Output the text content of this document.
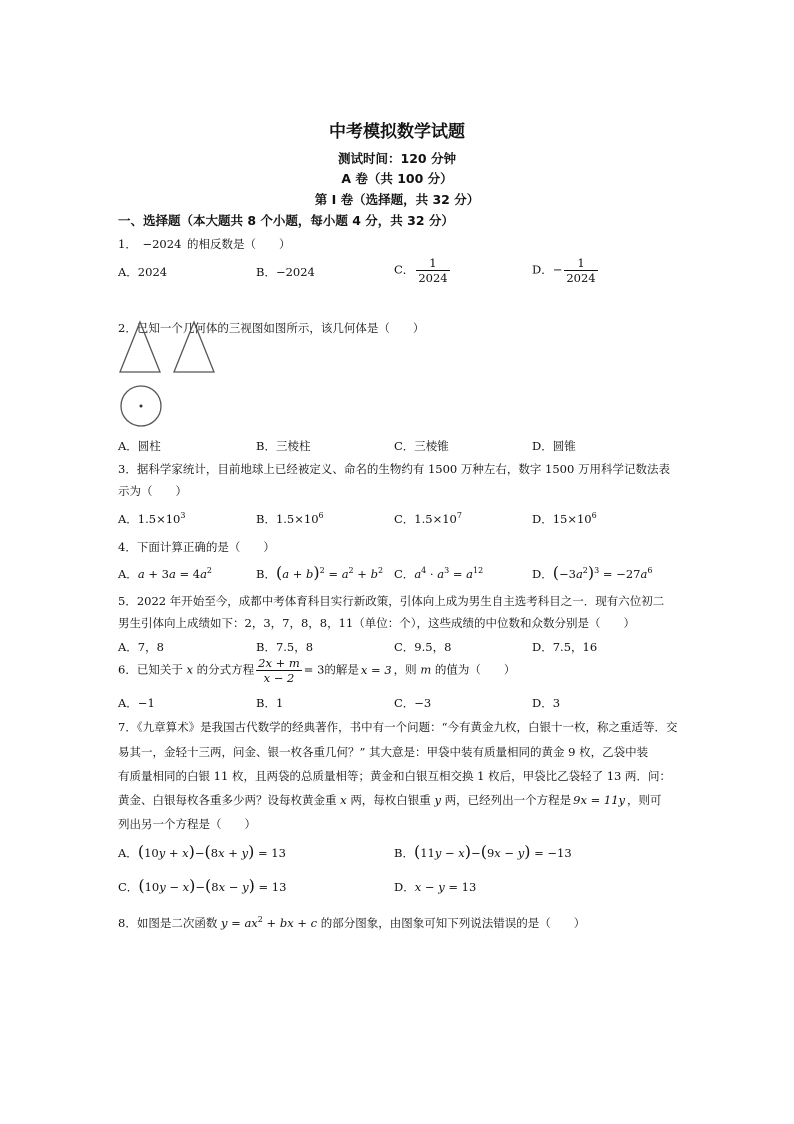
中考模拟数学试题
测试时间：120 分钟
A 卷（共 100 分）
第 I 卷（选择题，共 32 分）
一、选择题（本大题共 8 个小题，每小题 4 分，共 32 分）
1． −2024 的相反数是（　　）
A．2024	B．−2024	C． $\frac{1}{2024}$	D．− $\frac{1}{2024}$
2．已知一个几何体的三视图如图所示，该几何体是（　　）
A．圆柱	B．三棱柱	C．三棱锥	D．圆锥
3．据科学家统计，目前地球上已经被定义、命名的生物约有 1500 万种左右，数字 1500 万用科学记数法表
示为（　　）
A．$1.5\times 10^3$	B．$1.5\times 10^6$	C．$1.5\times 10^7$	D．$15\times 10^6$
4．下面计算正确的是（　　）
A．$a + 3a = 4a^2$	B．$(a + b)^2 = a^2 + b^2$ C．$a^4 \cdot a^3 = a^{12}$	D．$(-3a^2)^3 = -27a^6$
5．2022 年开始至今，成都中考体育科目实行新政策，引体向上成为男生自主选考科目之一．现有六位初二
男生引体向上成绩如下：2，3，7，8，8，11（单位：个），这些成绩的中位数和众数分别是（　　）
A．7，8	B．7.5，8	C．9.5，8	D．7.5，16
6．已知关于 x 的分式方程 $\frac{2x + m}{x - 2} = 3$的解是 x = 3 ，则 m 的值为（　　）
A．−1	B．1	C．−3	D．3
7．《九章算术》是我国古代数学的经典著作，书中有一个问题：“今有黄金九枚，白银十一枚，称之重适等．交
易其一，金轻十三两，问金、银一枚各重几何？” 其大意是：甲袋中装有质量相同的黄金 9 枚，乙袋中装
有质量相同的白银 11 枚，且两袋的总质量相等；黄金和白银互相交换 1 枚后，甲袋比乙袋轻了 13 两．问：
黄金、白银每枚各重多少两？设每枚黄金重 x 两，每枚白银重 y 两，已经列出一个方程是 9x = 11y ，则可
列出另一个方程是（　　）
A．(10y + x)−(8x + y) = 13	B．(11y − x)−(9x − y) = −13
C．(10y − x)−(8x − y) = 13	D．x − y = 13
8．如图是二次函数 $y = ax^2$ + bx + c 的部分图象，由图象可知下列说法错误的是（　　）
